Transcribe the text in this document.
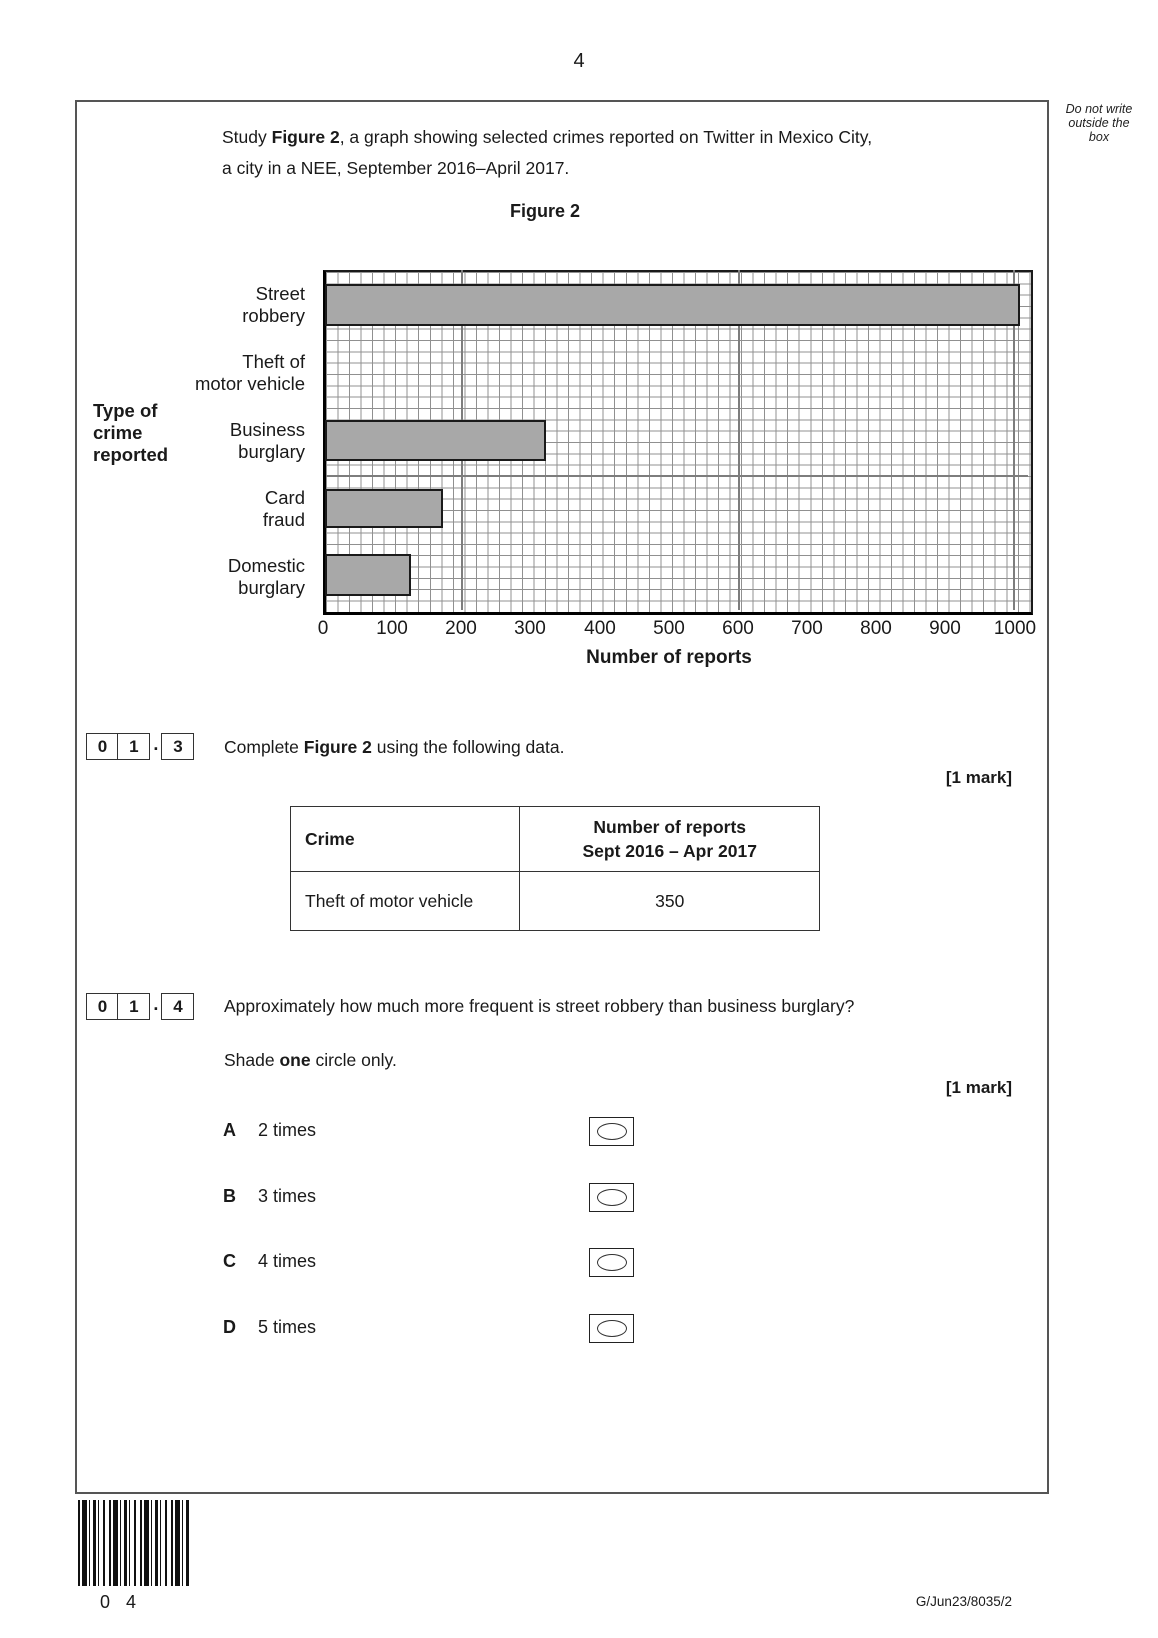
4
Do not write
outside the
box
Study Figure 2, a graph showing selected crimes reported on Twitter in Mexico City,
a city in a NEE, September 2016–April 2017.
Figure 2
Street
robbery
Theft of
motor vehicle
Business
burglary
Card
fraud
Domestic
burglary
Type of
crime
reported
0	100	200	300	400	500	600	700	800	900	1000
Number of reports
0	1 . 3	Complete Figure 2 using the following data.
[1 mark]
Crime	Number of reports
Sept 2016 – Apr 2017
Theft of motor vehicle	350
0	1 . 4	Approximately how much more frequent is street robbery than business burglary?
Shade one circle only.
[1 mark]
A	2 times
B	3 times
C	4 times
D	5 times
04	G/Jun23/8035/2
